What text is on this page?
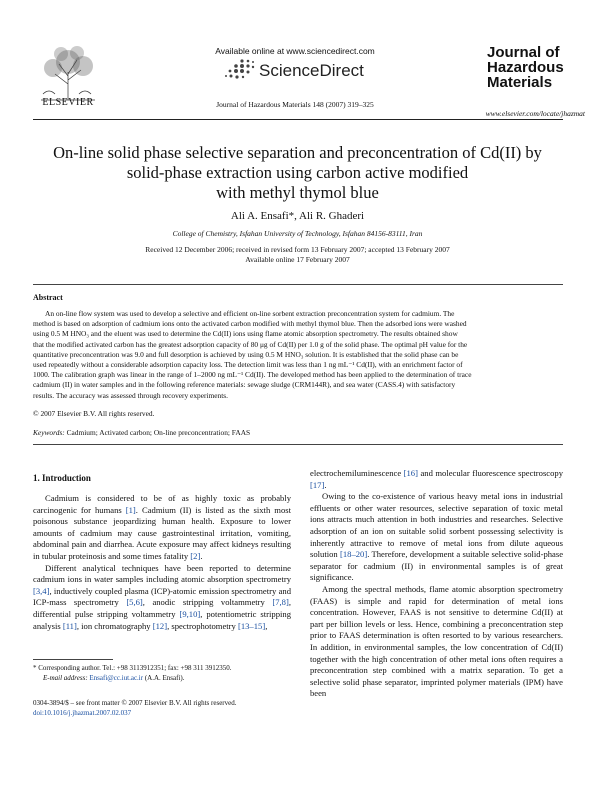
ELSEVIER
Available online at www.sciencedirect.com
ScienceDirect
Journal of Hazardous Materials 148 (2007) 319–325
Journal of
Hazardous
Materials
www.elsevier.com/locate/jhazmat
On-line solid phase selective separation and preconcentration of Cd(II) by
solid-phase extraction using carbon active modified
with methyl thymol blue
Ali A. Ensafi*, Ali R. Ghaderi
College of Chemistry, Isfahan University of Technology, Isfahan 84156-83111, Iran
Received 12 December 2006; received in revised form 13 February 2007; accepted 13 February 2007
Available online 17 February 2007
Abstract
An on-line flow system was used to develop a selective and efficient on-line sorbent extraction preconcentration system for cadmium. The
method is based on adsorption of cadmium ions onto the activated carbon modified with methyl thymol blue. Then the adsorbed ions were washed
using 0.5 M HNO₃ and the eluent was used to determine the Cd(II) ions using flame atomic absorption spectrometry. The results obtained show
that the modified activated carbon has the greatest adsorption capacity of 80 μg of Cd(II) per 1.0 g of the solid phase. The optimal pH value for the
quantitative preconcentration was 9.0 and full desorption is achieved by using 0.5 M HNO₃ solution. It is established that the solid phase can be
used repeatedly without a considerable adsorption capacity loss. The detection limit was less than 1 ng mL⁻¹ Cd(II), with an enrichment factor of
1000. The calibration graph was linear in the range of 1–2000 ng mL⁻¹ Cd(II). The developed method has been applied to the determination of trace
cadmium (II) in water samples and in the following reference materials: sewage sludge (CRM144R), and sea water (CASS.4) with satisfactory
results. The accuracy was assessed through recovery experiments.
© 2007 Elsevier B.V. All rights reserved.
Keywords: Cadmium; Activated carbon; On-line preconcentration; FAAS
1. Introduction

Cadmium is considered to be of as highly toxic as probably carcinogenic for humans [1]. Cadmium (II) is listed as the sixth most poisonous substance jeopardizing human health. Exposure to lower amounts of cadmium may cause gastrointestinal irritation, vomiting, abdominal pain and diarrhea. Acute exposure may affect kidneys resulting in tubular proteinosis and some times fatality [2].

Different analytical techniques have been reported to determine cadmium ions in water samples including atomic absorption spectrometry [3,4], inductively coupled plasma (ICP)-atomic emission spectrometry and ICP-mass spectrometry [5,6], anodic stripping voltammetry [7,8], differential pulse stripping voltammetry [9,10], potentiometric stripping analysis [11], ion chromatography [12], spectrophotometry [13–15],

electrochemiluminescence [16] and molecular fluorescence spectroscopy [17].

Owing to the co-existence of various heavy metal ions in industrial effluents or other water resources, selective separation of toxic metal ions attracts much attention in both industries and researches. Selective adsorption of an ion on suitable solid sorbent possessing selectivity is inherently attractive to remove of metal ions from dilute aqueous solution [18–20]. Therefore, development a suitable selective solid-phase separator for cadmium (II) in environmental samples is of great significance.

Among the spectral methods, flame atomic absorption spectrometry (FAAS) is simple and rapid for determination of metal ions concentration. However, FAAS is not sensitive to determine Cd(II) at part per billion levels or less. Hence, combining a preconcentration step prior to FAAS determination is often resorted to by various researchers. In addition, in environmental samples, the low concentration of Cd(II) together with the high concentration of other metal ions often requires a preconcentration step combined with a matrix separation. To get a selective solid phase separator, imprinted polymer materials (IPM) have been

* Corresponding author. Tel.: +98 3113912351; fax: +98 311 3912350.
E-mail address: Ensafi@cc.iut.ac.ir (A.A. Ensafi).
0304-3894/$ – see front matter © 2007 Elsevier B.V. All rights reserved.
doi:10.1016/j.jhazmat.2007.02.037
